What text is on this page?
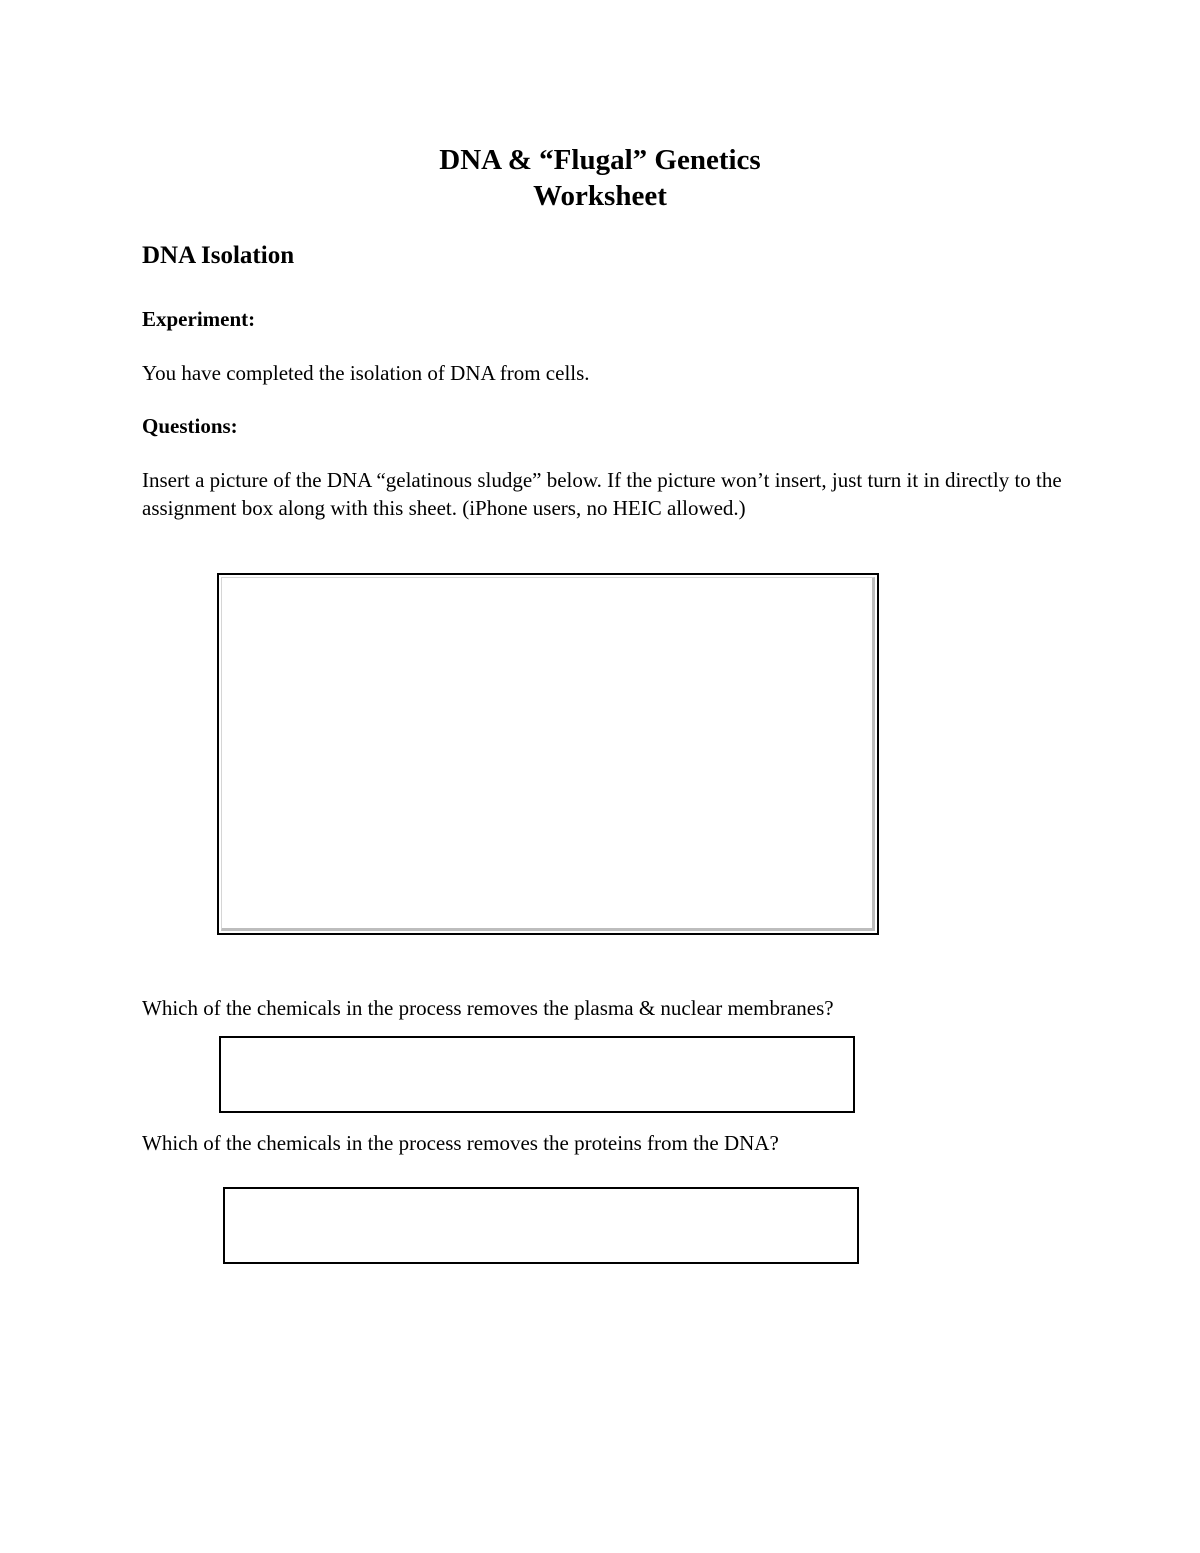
DNA & “Flugal” Genetics
Worksheet
DNA Isolation
Experiment:
You have completed the isolation of DNA from cells.
Questions:
Insert a picture of the DNA “gelatinous sludge” below. If the picture won’t insert, just turn it in directly to the assignment box along with this sheet. (iPhone users, no HEIC allowed.)
Which of the chemicals in the process removes the plasma & nuclear membranes?
Which of the chemicals in the process removes the proteins from the DNA?
